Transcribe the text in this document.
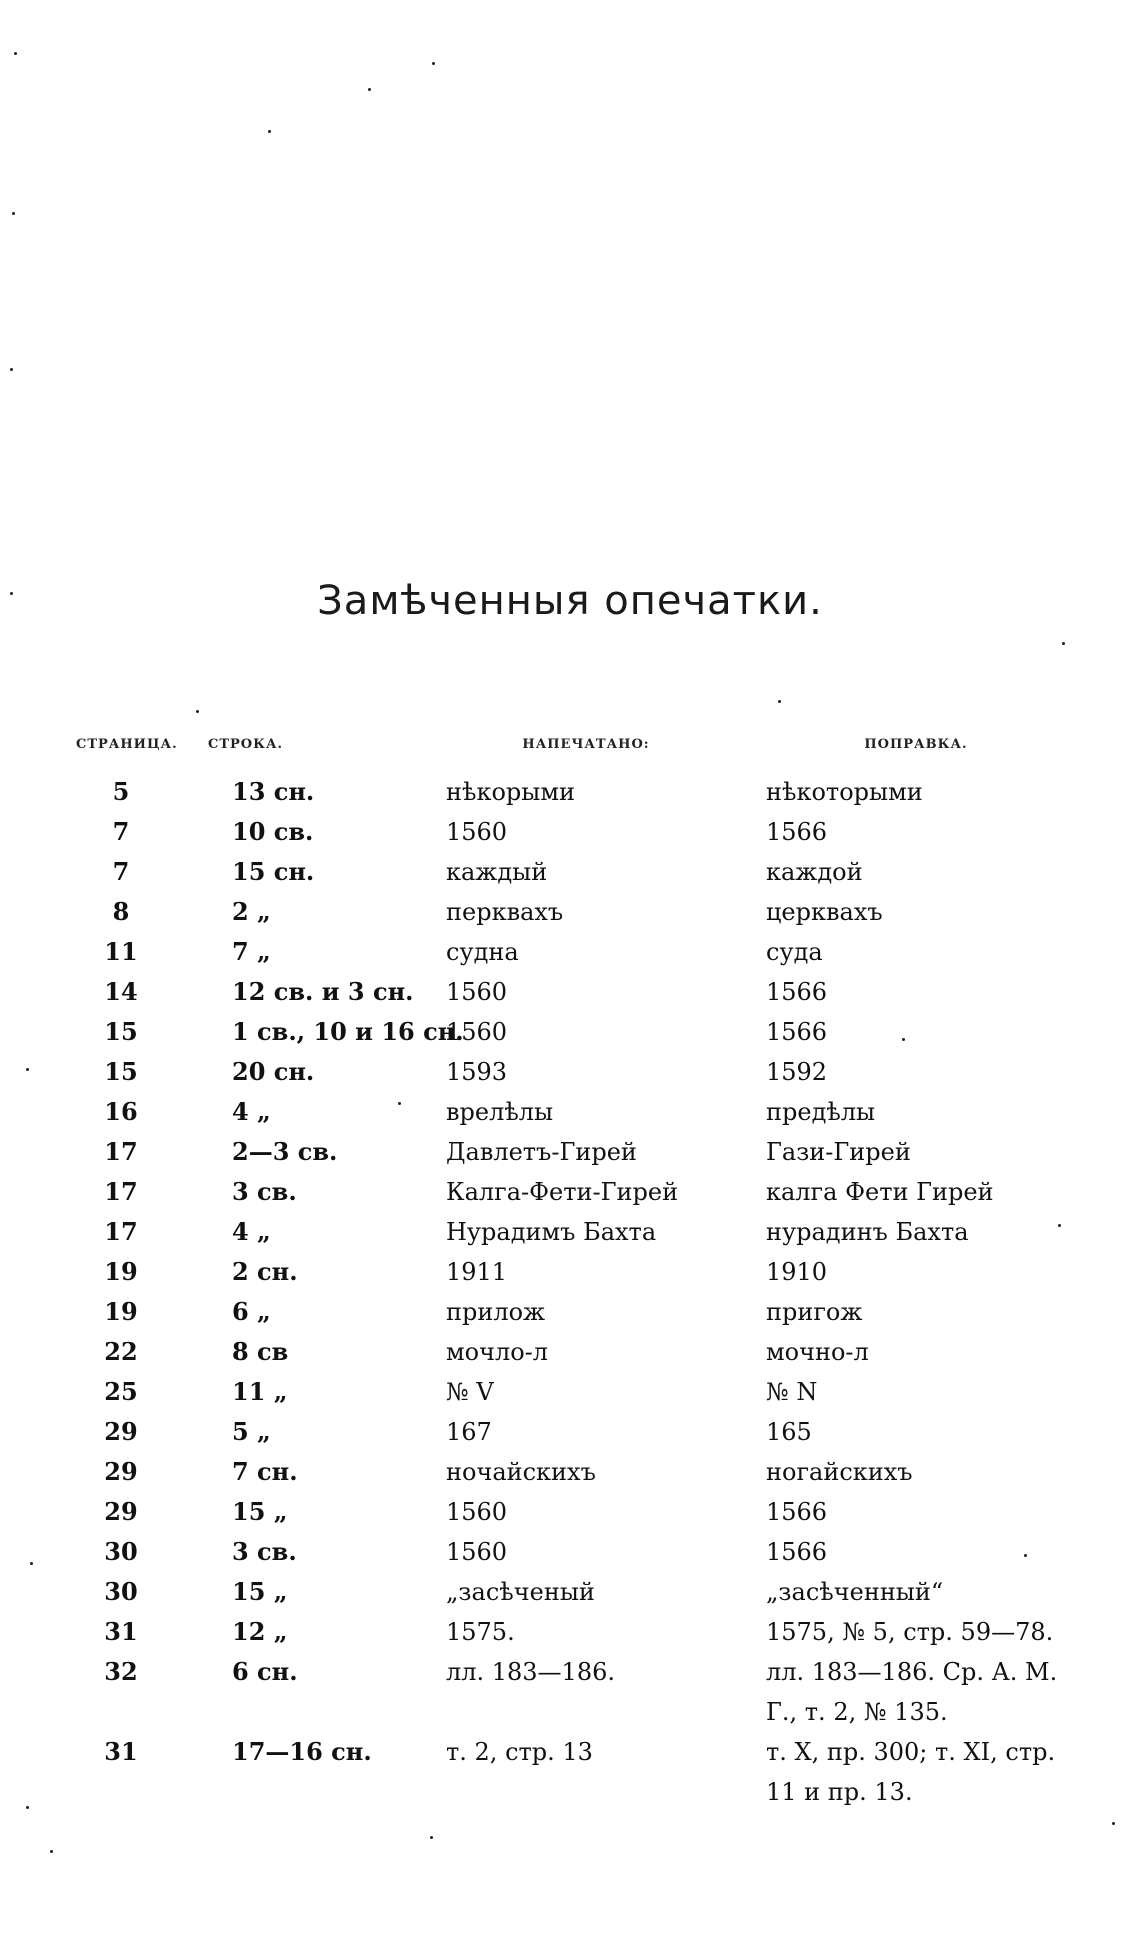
Замѣченныя опечатки.
СТРАНИЦА.	СТРОКА.	НАПЕЧАТАНО:	ПОПРАВКА.
5	13 сн.	нѣкорыми	нѣкоторыми
7	10 св.	1560	1566
7	15 сн.	каждый	каждой
8	2 „	перквахъ	церквахъ
11	7 „	судна	суда
14	12 св. и 3 сн.	1560	1566
15	1 св., 10 и 16 сн.	1560	1566
15	20 сн.	1593	1592
16	4 „	врелѣлы	предѣлы
17	2—3 св.	Давлетъ-Гирей	Гази-Гирей
17	3 св.	Калга-Фети-Гирей	калга Фети Гирей
17	4 „	Нурадимъ Бахта	нурадинъ Бахта
19	2 сн.	1911	1910
19	6 „	прилож	пригож
22	8 св	мочло-л	мочно-л
25	11 „	№ V	№ N
29	5 „	167	165
29	7 сн.	ночайскихъ	ногайскихъ
29	15 „	1560	1566
30	3 св.	1560	1566
30	15 „	„засѣченый	„засѣченный“
31	12 „	1575.	1575, № 5, стр. 59—78.
32	6 сн.	лл. 183—186.	лл. 183—186. Ср. А. М. Г., т. 2, № 135.
31	17—16 сн.	т. 2, стр. 13	т. X, пр. 300; т. XI, стр. 11 и пр. 13.
